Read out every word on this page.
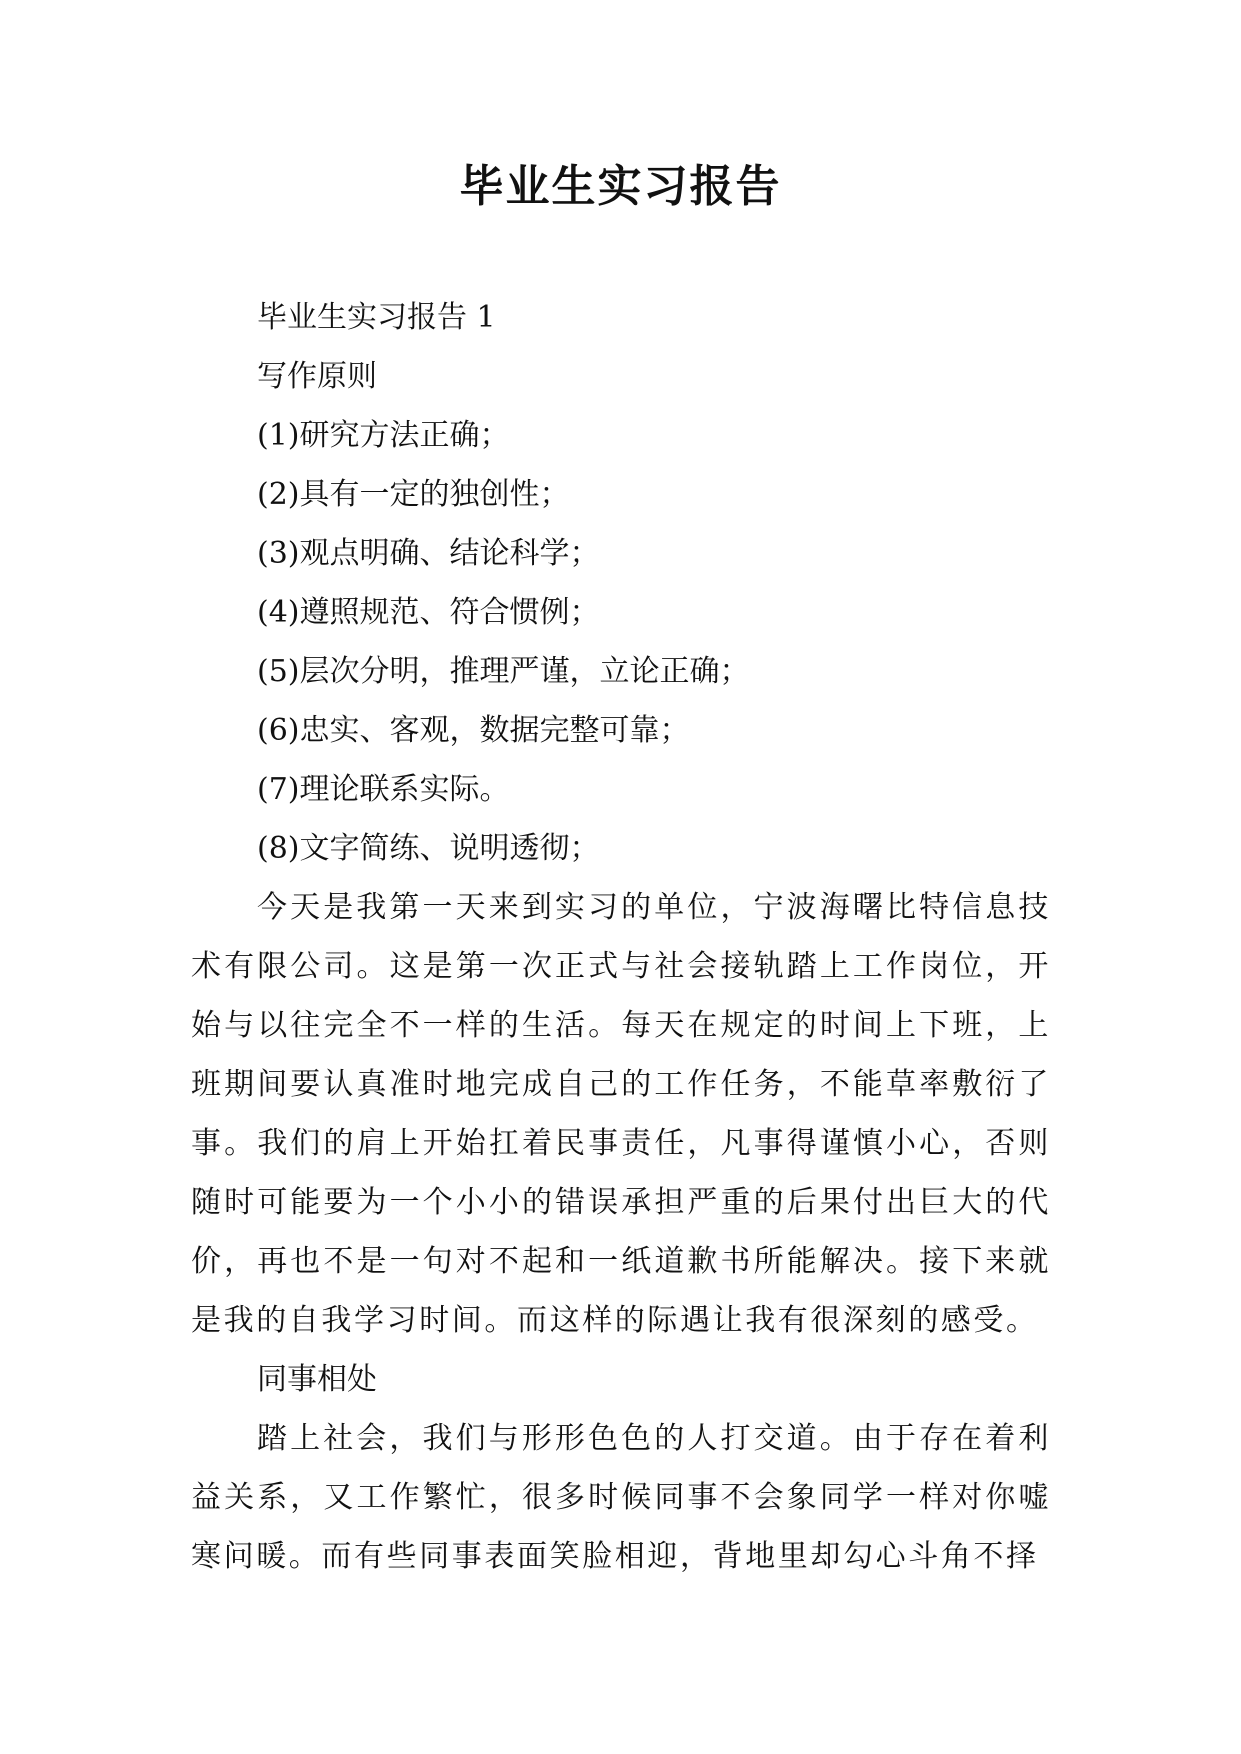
毕业生实习报告

毕业生实习报告 1

写作原则

(1)研究方法正确；
(2)具有一定的独创性；
(3)观点明确、结论科学；
(4)遵照规范、符合惯例；
(5)层次分明，推理严谨，立论正确；
(6)忠实、客观，数据完整可靠；
(7)理论联系实际。
(8)文字简练、说明透彻；

今天是我第一天来到实习的单位，宁波海曙比特信息技术有限公司。这是第一次正式与社会接轨踏上工作岗位，开始与以往完全不一样的生活。每天在规定的时间上下班，上班期间要认真准时地完成自己的工作任务，不能草率敷衍了事。我们的肩上开始扛着民事责任，凡事得谨慎小心，否则随时可能要为一个小小的错误承担严重的后果付出巨大的代价，再也不是一句对不起和一纸道歉书所能解决。接下来就是我的自我学习时间。而这样的际遇让我有很深刻的感受。

同事相处

踏上社会，我们与形形色色的人打交道。由于存在着利益关系，又工作繁忙，很多时候同事不会象同学一样对你嘘寒问暖。而有些同事表面笑脸相迎，背地里却勾心斗角不择
